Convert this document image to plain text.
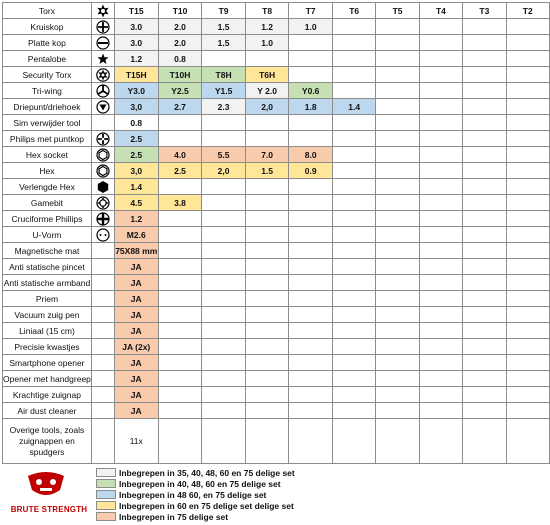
Torx		T15	T10	T9	T8	T7	T6	T5	T4	T3	T2
Kruiskop		3.0	2.0	1.5	1.2	1.0					
Platte kop		3.0	2.0	1.5	1.0						
Pentalobe		1.2	0.8								
Security Torx		T15H	T10H	T8H	T6H						
Tri-wing		Y3.0	Y2.5	Y1.5	Y 2.0	Y0.6					
Driepunt/driehoek		3,0	2.7	2.3	2,0	1.8	1.4				
Sim verwijder tool		0.8									
Philips met puntkop		2.5									
Hex socket		2.5	4.0	5.5	7.0	8.0					
Hex		3,0	2.5	2,0	1.5	0.9					
Verlengde Hex		1.4									
Gamebit		4.5	3.8								
Cruciforme Phillips		1.2									
U-Vorm		M2.6									
Magnetische mat		75X88 mm									
Anti statische pincet		JA									
Anti statische armband		JA									
Priem		JA									
Vacuum zuig pen		JA									
Liniaal (15 cm)		JA									
Precisie kwastjes		JA (2x)									
Smartphone opener		JA									
Opener met handgreep		JA									
Krachtige zuignap		JA									
Air dust cleaner		JA									
Overige tools, zoals zuignappen en spudgers		11x									
BRUTE STRENGTH
Inbegrepen in 35, 40, 48, 60 en 75 delige set
Inbegrepen in 40, 48, 60 en 75 delige set
Inbegrepen in 48 60, en 75 delige set
Inbegrepen in 60 en 75 delige set delige set
Inbegrepen in 75 delige set
